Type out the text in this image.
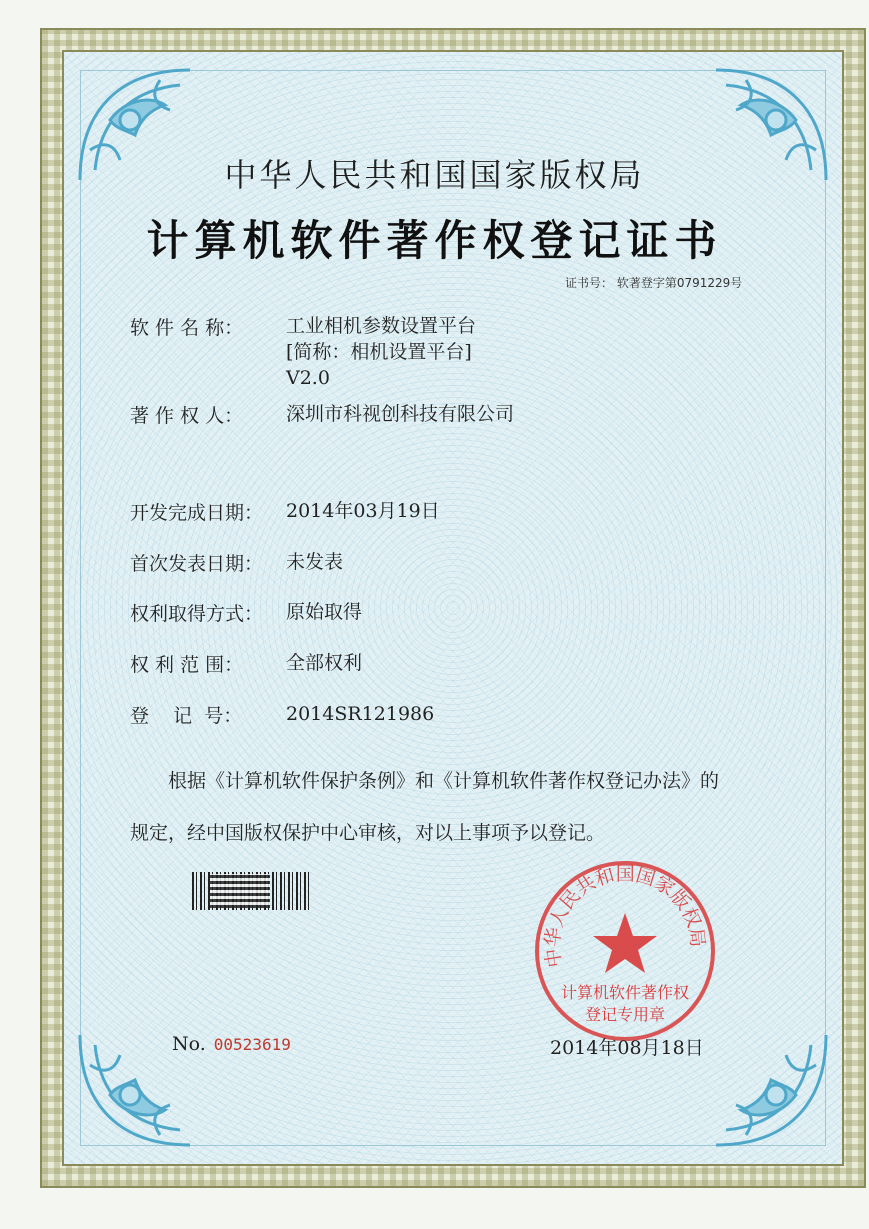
中华人民共和国国家版权局
计算机软件著作权登记证书
证书号： 软著登字第0791229号
软 件 名 称： 工业相机参数设置平台
[简称：相机设置平台]
V2.0
著 作 权 人： 深圳市科视创科技有限公司
开发完成日期： 2014年03月19日
首次发表日期： 未发表
权利取得方式： 原始取得
权 利 范 围： 全部权利
登    记  号： 2014SR121986
根据《计算机软件保护条例》和《计算机软件著作权登记办法》的
规定，经中国版权保护中心审核，对以上事项予以登记。
No. 00523619
中华人民共和国国家版权局
计算机软件著作权
登记专用章
2014年08月18日
